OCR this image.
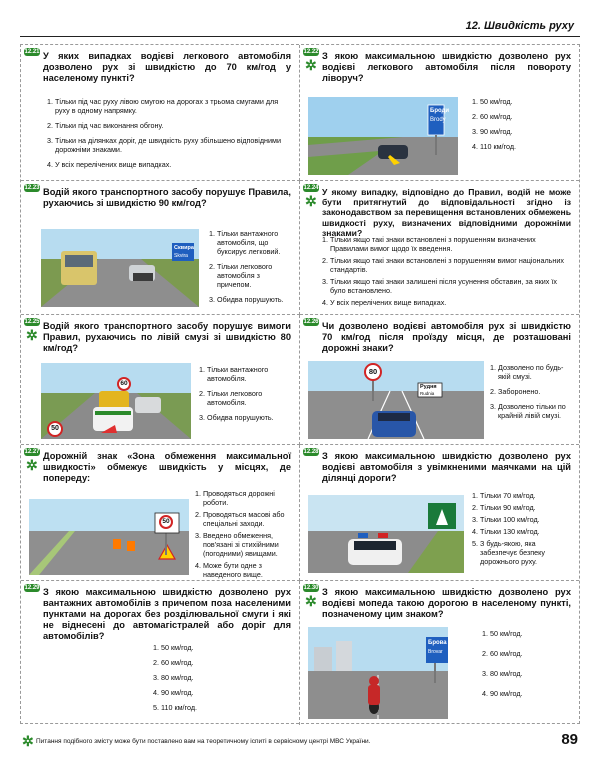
12. Швидкість руху
12.21 У яких випадках водієві легкового автомобіля дозволено рух зі швидкістю до 70 км/год у населеному пункті?
1. Тільки під час руху лівою смугою на дорогах з трьома смугами для руху в одному напрямку.
2. Тільки під час виконання обгону.
3. Тільки на ділянках доріг, де швидкість руху збільшено відповідними дорожніми знаками.
4. У всіх перелічених вище випадках.
12.22
✲
З якою максимальною швидкістю дозволено рух водієві легкового автомобіля після повороту ліворуч?
Броди
Brody
1. 50 км/год.
2. 60 км/год.
3. 90 км/год.
4. 110 км/год.
12.23 Водій якого транспортного засобу порушує Правила, рухаючись зі швидкістю 90 км/год?
Сквира
Skvira
1. Тільки вантажного автомобіля, що буксирує легковий.
2. Тільки легкового автомобіля з причепом.
3. Обидва порушують.
12.24
✲
У якому випадку, відповідно до Правил, водій не може бути притягнутий до відповідальності згідно із законодавством за перевищення встановлених обмежень швидкості руху, визначених відповідними дорожніми знаками?
1. Тільки якщо такі знаки встановлені з порушенням визначених Правилами вимог щодо їх введення.
2. Тільки якщо такі знаки встановлені з порушенням вимог національних стандартів.
3. Тільки якщо такі знаки залишені після усунення обставин, за яких їх було встановлено.
4. У всіх перелічених вище випадках.
12.25
✲
Водій якого транспортного засобу порушує вимоги Правил, рухаючись по лівій смузі зі швидкістю 80 км/год?
60
50
1. Тільки вантажного автомобіля.
2. Тільки легкового автомобіля.
3. Обидва порушують.
12.26 Чи дозволено водієві автомобіля рух зі швидкістю 70 км/год після проїзду місця, де розташовані дорожні знаки?
80
Рудня
Rudnia
1. Дозволено по будь-якій смузі.
2. Заборонено.
3. Дозволено тільки по крайній лівій смузі.
12.27
✲
Дорожній знак «Зона обмеження максимальної швидкості» обмежує швидкість у місцях, де попереду:
50
1. Проводяться дорожні роботи.
2. Проводяться масові або спеціальні заходи.
3. Введено обмеження, пов'язані зі стихійними (погодними) явищами.
4. Може бути одне з наведеного вище.
12.28 З якою максимальною швидкістю дозволено рух водієві автомобіля з увімкненими маячками на цій ділянці дороги?
1. Тільки 70 км/год.
2. Тільки 90 км/год.
3. Тільки 100 км/год.
4. Тільки 130 км/год.
5. З будь-якою, яка забезпечує безпеку дорожнього руху.
12.29 З якою максимальною швидкістю дозволено рух вантажних автомобілів з причепом поза населеними пунктами на дорогах без розділювальної смуги і які не віднесені до автомагістралей або доріг для автомобілів?
1. 50 км/год.
2. 60 км/год.
3. 80 км/год.
4. 90 км/год.
5. 110 км/год.
12.30
✲
З якою максимальною швидкістю дозволено рух водієві мопеда такою дорогою в населеному пункті, позначеному цим знаком?
Брова
Brovar
1. 50 км/год.
2. 60 км/год.
3. 80 км/год.
4. 90 км/год.
✲ Питання подібного змісту може бути поставлено вам на теоретичному іспиті в сервісному центрі МВС України.	89
